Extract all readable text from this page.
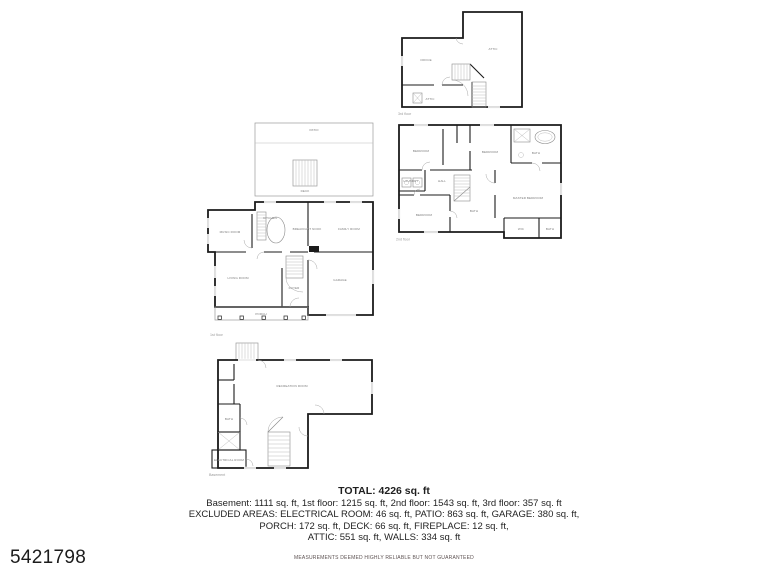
OFFICE
ATTIC
ATTIC
3rd floor
BEDROOM	BEDROOM	BATH
LAUNDRY	HALL
MASTER BEDROOM
BEDROOM
BATH
WIC	BATH
2nd floor
PATIO
DECK
KITCHEN
BREAKFAST NOOK	FAMILY ROOM
MUSIC ROOM
LIVING ROOM
FOYER
GARAGE
PORCH
1st floor
RECREATION ROOM
BATH
ELECTRICAL ROOM
Basement
TOTAL: 4226 sq. ft
Basement: 1111 sq. ft, 1st floor: 1215 sq. ft, 2nd floor: 1543 sq. ft, 3rd floor: 357 sq. ft
EXCLUDED AREAS: ELECTRICAL ROOM: 46 sq. ft, PATIO: 863 sq. ft, GARAGE: 380 sq. ft,
PORCH: 172 sq. ft, DECK: 66 sq. ft, FIREPLACE: 12 sq. ft,
ATTIC: 551 sq. ft, WALLS: 334 sq. ft
5421798	MEASUREMENTS DEEMED HIGHLY RELIABLE BUT NOT GUARANTEED
